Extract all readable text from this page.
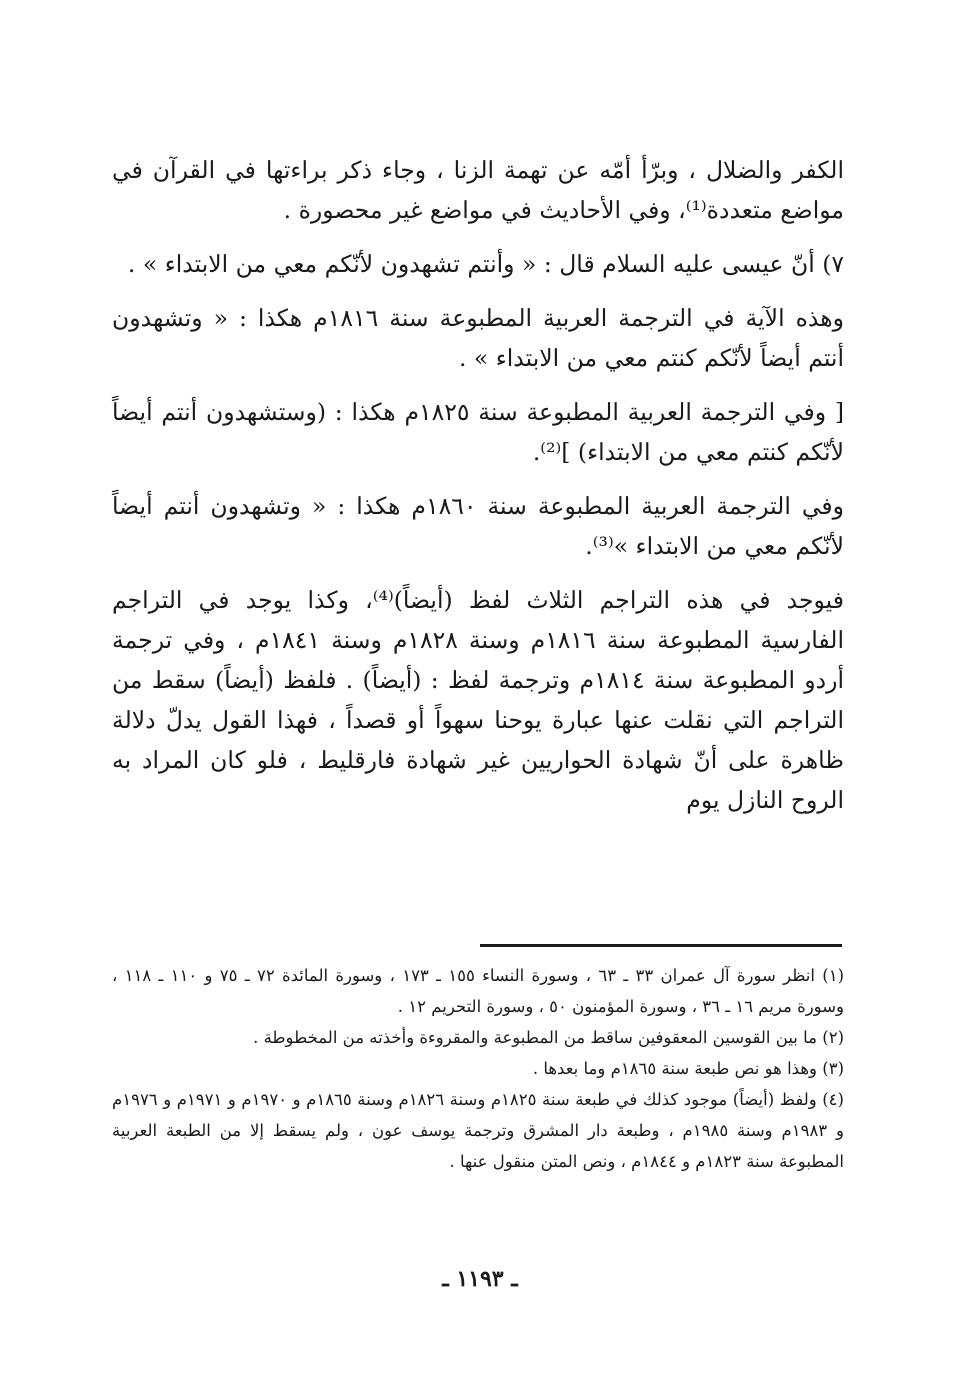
الكفر والضلال ، وبرّأ أمّه عن تهمة الزنا ، وجاء ذكر براءتها في القرآن في مواضع متعددة⁽¹⁾، وفي الأحاديث في مواضع غير محصورة .

٧) أنّ عيسى عليه السلام قال : « وأنتم تشهدون لأنّكم معي من الابتداء » .

وهذه الآية في الترجمة العربية المطبوعة سنة ١٨١٦م هكذا : « وتشهدون أنتم أيضاً لأنّكم كنتم معي من الابتداء » .

[ وفي الترجمة العربية المطبوعة سنة ١٨٢٥م هكذا : (وستشهدون أنتم أيضاً لأنّكم كنتم معي من الابتداء) ]⁽²⁾.

وفي الترجمة العربية المطبوعة سنة ١٨٦٠م هكذا : « وتشهدون أنتم أيضاً لأنّكم معي من الابتداء »⁽³⁾.

فيوجد في هذه التراجم الثلاث لفظ (أيضاً)⁽⁴⁾، وكذا يوجد في التراجم الفارسية المطبوعة سنة ١٨١٦م وسنة ١٨٢٨م وسنة ١٨٤١م ، وفي ترجمة أردو المطبوعة سنة ١٨١٤م وترجمة لفظ : (أيضاً) . فلفظ (أيضاً) سقط من التراجم التي نقلت عنها عبارة يوحنا سهواً أو قصداً ، فهذا القول يدلّ دلالة ظاهرة على أنّ شهادة الحواريين غير شهادة فارقليط ، فلو كان المراد به الروح النازل يوم

(١) انظر سورة آل عمران ٣٣ ـ ٦٣ ، وسورة النساء ١٥٥ ـ ١٧٣ ، وسورة المائدة ٧٢ ـ ٧٥ و ١١٠ ـ ١١٨ ، وسورة مريم ١٦ ـ ٣٦ ، وسورة المؤمنون ٥٠ ، وسورة التحريم ١٢ .

(٢) ما بين القوسين المعقوفين ساقط من المطبوعة والمقروءة وأخذته من المخطوطة .

(٣) وهذا هو نص طبعة سنة ١٨٦٥م وما بعدها .

(٤) ولفظ (أيضاً) موجود كذلك في طبعة سنة ١٨٢٥م وسنة ١٨٢٦م وسنة ١٨٦٥م و ١٩٧٠م و ١٩٧١م و ١٩٧٦م و ١٩٨٣م وسنة ١٩٨٥م ، وطبعة دار المشرق وترجمة يوسف عون ، ولم يسقط إلا من الطبعة العربية المطبوعة سنة ١٨٢٣م و ١٨٤٤م ، ونص المتن منقول عنها .

ـ ١١٩٣ ـ
